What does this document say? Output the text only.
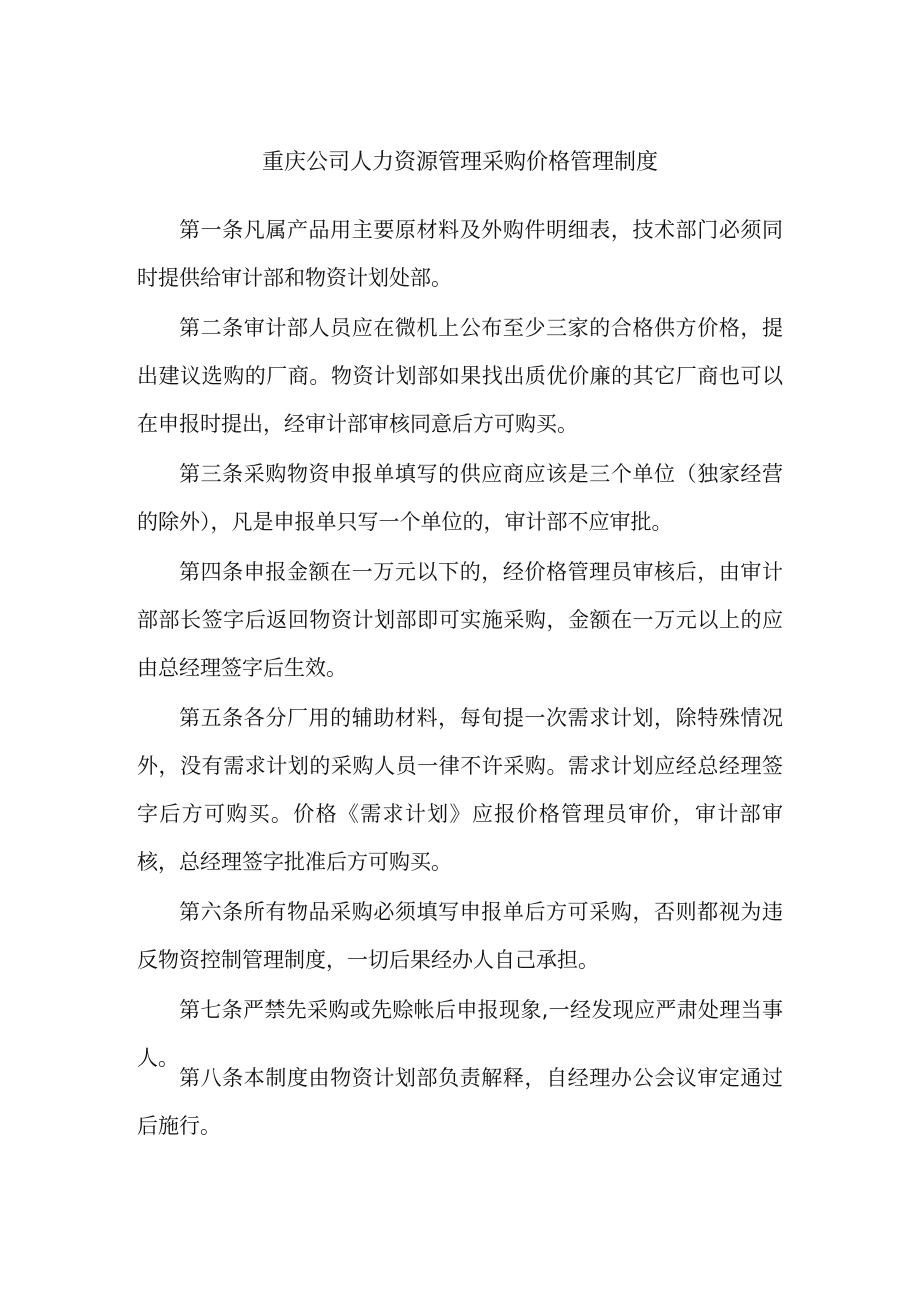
重庆公司人力资源管理采购价格管理制度

第一条凡属产品用主要原材料及外购件明细表，技术部门必须同时提供给审计部和物资计划处部。

第二条审计部人员应在微机上公布至少三家的合格供方价格，提出建议选购的厂商。物资计划部如果找出质优价廉的其它厂商也可以在申报时提出，经审计部审核同意后方可购买。

第三条采购物资申报单填写的供应商应该是三个单位（独家经营的除外），凡是申报单只写一个单位的，审计部不应审批。

第四条申报金额在一万元以下的，经价格管理员审核后，由审计部部长签字后返回物资计划部即可实施采购，金额在一万元以上的应由总经理签字后生效。

第五条各分厂用的辅助材料，每旬提一次需求计划，除特殊情况外，没有需求计划的采购人员一律不许采购。需求计划应经总经理签字后方可购买。价格《需求计划》应报价格管理员审价，审计部审核，总经理签字批准后方可购买。

第六条所有物品采购必须填写申报单后方可采购，否则都视为违反物资控制管理制度，一切后果经办人自己承担。

第七条严禁先采购或先赊帐后申报现象,一经发现应严肃处理当事人。

第八条本制度由物资计划部负责解释，自经理办公会议审定通过后施行。
